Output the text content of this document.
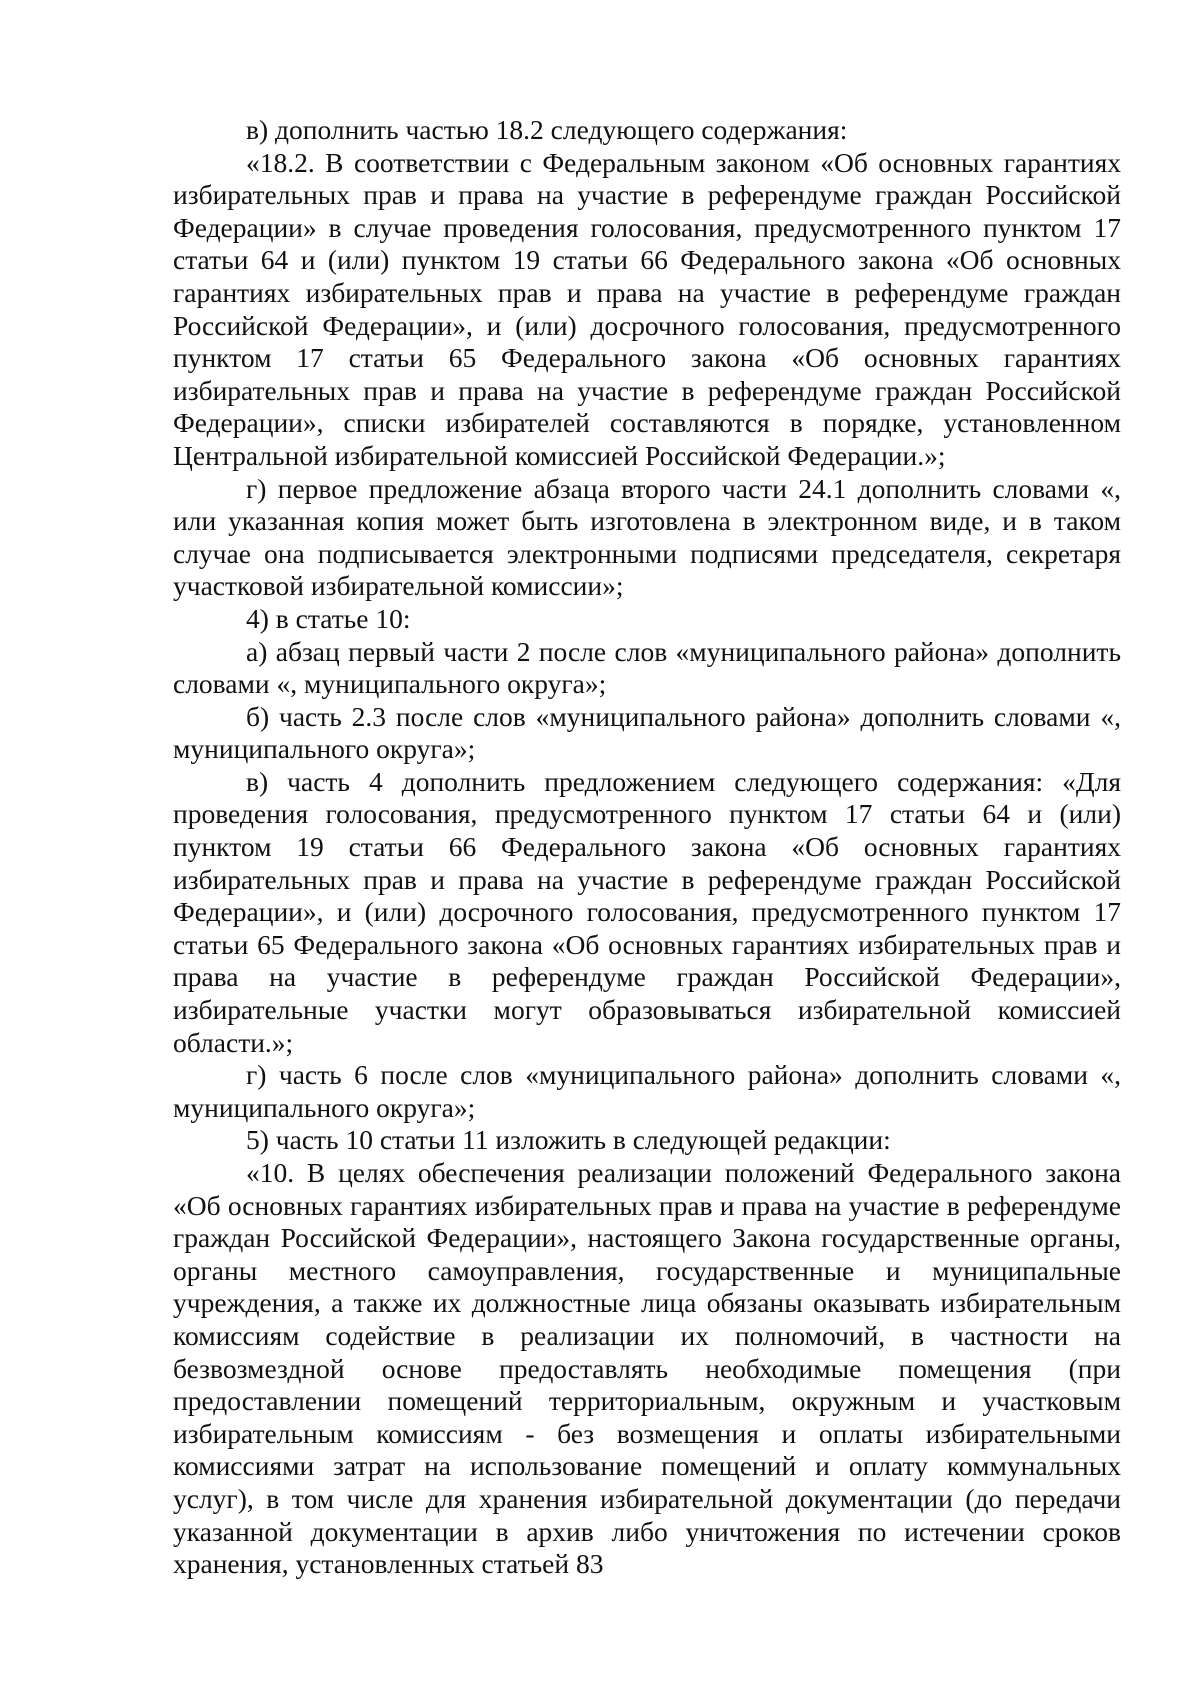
в) дополнить частью 18.2 следующего содержания:

«18.2. В соответствии с Федеральным законом «Об основных гарантиях избирательных прав и права на участие в референдуме граждан Российской Федерации» в случае проведения голосования, предусмотренного пунктом 17 статьи 64 и (или) пунктом 19 статьи 66 Федерального закона «Об основных гарантиях избирательных прав и права на участие в референдуме граждан Российской Федерации», и (или) досрочного голосования, предусмотренного пунктом 17 статьи 65 Федерального закона «Об основных гарантиях избирательных прав и права на участие в референдуме граждан Российской Федерации», списки избирателей составляются в порядке, установленном Центральной избирательной комиссией Российской Федерации.»;

г) первое предложение абзаца второго части 24.1 дополнить словами «, или указанная копия может быть изготовлена в электронном виде, и в таком случае она подписывается электронными подписями председателя, секретаря участковой избирательной комиссии»;

4) в статье 10:

а) абзац первый части 2 после слов «муниципального района» дополнить словами «, муниципального округа»;

б) часть 2.3 после слов «муниципального района» дополнить словами «, муниципального округа»;

в) часть 4 дополнить предложением следующего содержания: «Для проведения голосования, предусмотренного пунктом 17 статьи 64 и (или) пунктом 19 статьи 66 Федерального закона «Об основных гарантиях избирательных прав и права на участие в референдуме граждан Российской Федерации», и (или) досрочного голосования, предусмотренного пунктом 17 статьи 65 Федерального закона «Об основных гарантиях избирательных прав и права на участие в референдуме граждан Российской Федерации», избирательные участки могут образовываться избирательной комиссией области.»;

г) часть 6 после слов «муниципального района» дополнить словами «, муниципального округа»;

5) часть 10 статьи 11 изложить в следующей редакции:

«10. В целях обеспечения реализации положений Федерального закона «Об основных гарантиях избирательных прав и права на участие в референдуме граждан Российской Федерации», настоящего Закона государственные органы, органы местного самоуправления, государственные и муниципальные учреждения, а также их должностные лица обязаны оказывать избирательным комиссиям содействие в реализации их полномочий, в частности на безвозмездной основе предоставлять необходимые помещения (при предоставлении помещений территориальным, окружным и участковым избирательным комиссиям - без возмещения и оплаты избирательными комиссиями затрат на использование помещений и оплату коммунальных услуг), в том числе для хранения избирательной документации (до передачи указанной документации в архив либо уничтожения по истечении сроков хранения, установленных статьей 83
